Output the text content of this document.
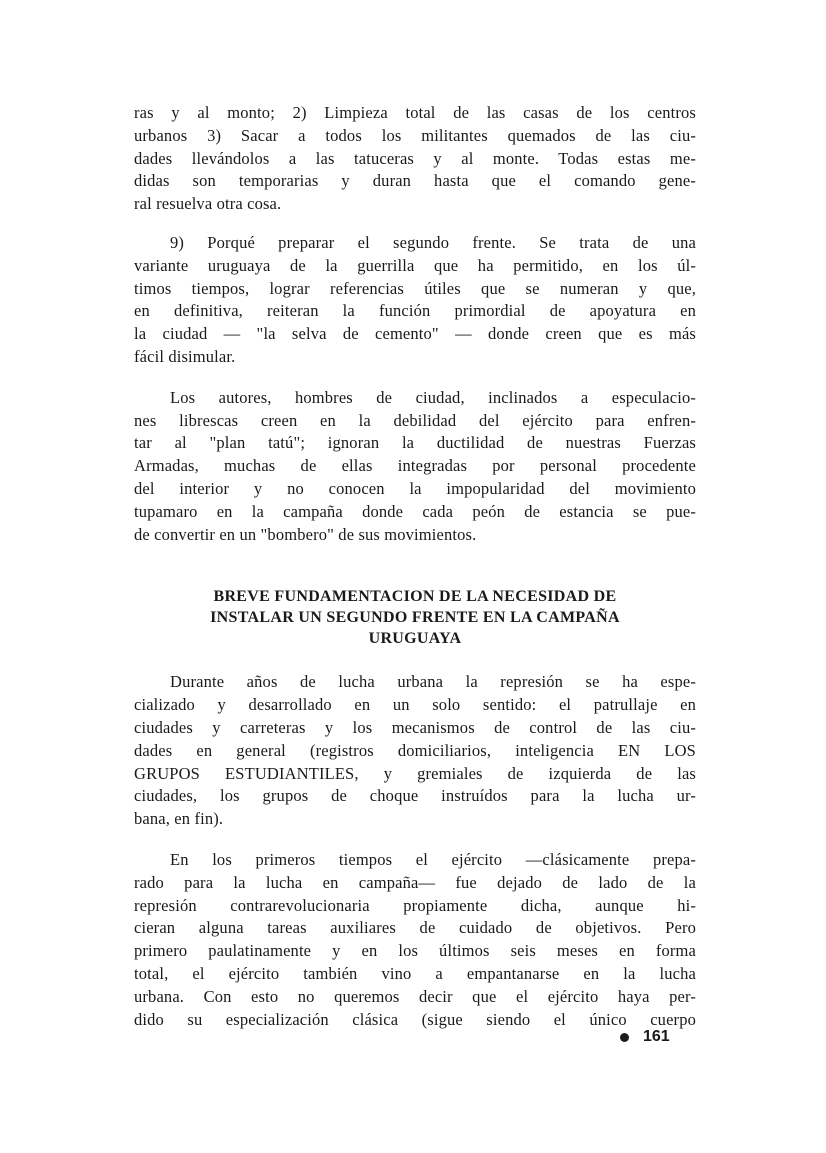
ras y al monto; 2) Limpieza total de las casas de los centros
urbanos 3) Sacar a todos los militantes quemados de las ciu-
dades llevándolos a las tatuceras y al monte. Todas estas me-
didas son temporarias y duran hasta que el comando gene-
ral resuelva otra cosa.

9) Porqué preparar el segundo frente. Se trata de una
variante uruguaya de la guerrilla que ha permitido, en los úl-
timos tiempos, lograr referencias útiles que se numeran y que,
en definitiva, reiteran la función primordial de apoyatura en
la ciudad — "la selva de cemento" — donde creen que es más
fácil disimular.

Los autores, hombres de ciudad, inclinados a especulacio-
nes librescas creen en la debilidad del ejército para enfren-
tar al "plan tatú"; ignoran la ductilidad de nuestras Fuerzas
Armadas, muchas de ellas integradas por personal procedente
del interior y no conocen la impopularidad del movimiento
tupamaro en la campaña donde cada peón de estancia se pue-
de convertir en un "bombero" de sus movimientos.

BREVE FUNDAMENTACION DE LA NECESIDAD DE
INSTALAR UN SEGUNDO FRENTE EN LA CAMPAÑA
URUGUAYA

Durante años de lucha urbana la represión se ha espe-
cializado y desarrollado en un solo sentido: el patrullaje en
ciudades y carreteras y los mecanismos de control de las ciu-
dades en general (registros domiciliarios, inteligencia EN LOS
GRUPOS ESTUDIANTILES, y gremiales de izquierda de las
ciudades, los grupos de choque instruídos para la lucha ur-
bana, en fin).

En los primeros tiempos el ejército —clásicamente prepa-
rado para la lucha en campaña— fue dejado de lado de la
represión contrarevolucionaria propiamente dicha, aunque hi-
cieran alguna tareas auxiliares de cuidado de objetivos. Pero
primero paulatinamente y en los últimos seis meses en forma
total, el ejército también vino a empantanarse en la lucha
urbana. Con esto no queremos decir que el ejército haya per-
dido su especialización clásica (sigue siendo el único cuerpo

161
